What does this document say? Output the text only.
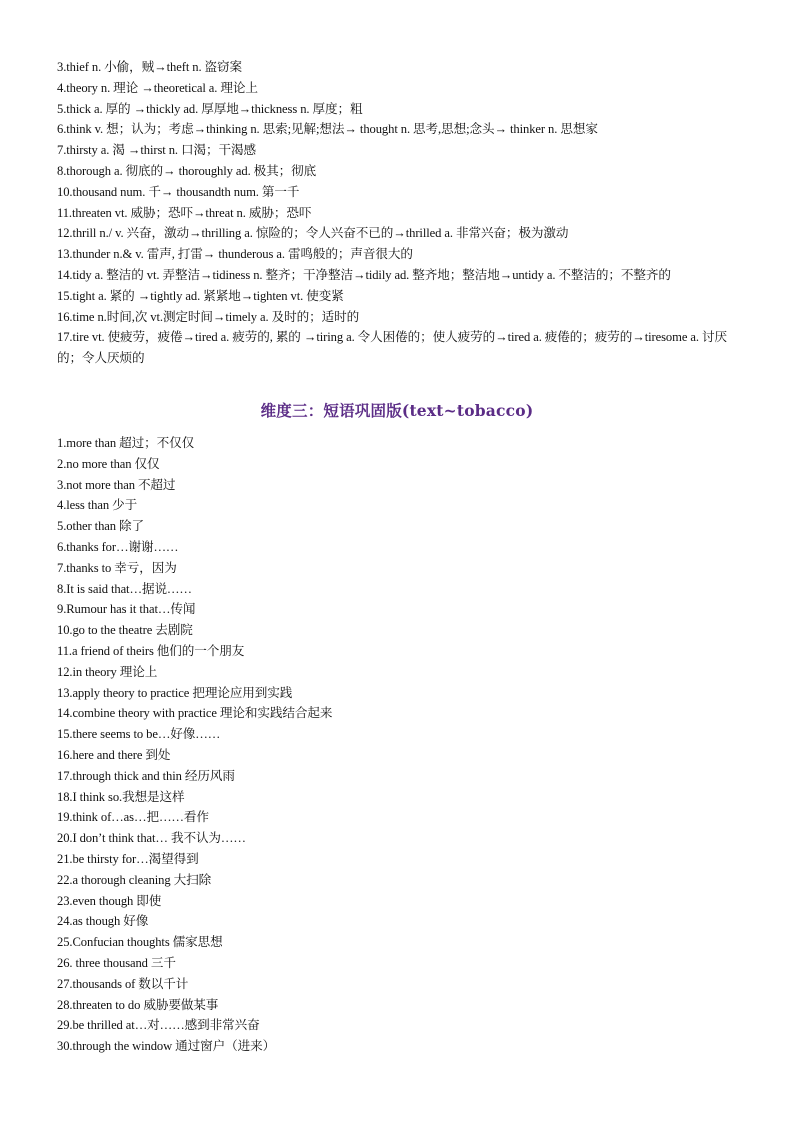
3.thief n. 小偷，贼→theft n. 盗窃案
4.theory n. 理论 →theoretical a. 理论上
5.thick a. 厚的 →thickly ad. 厚厚地→thickness n. 厚度；粗
6.think v. 想；认为；考虑→thinking n. 思索;见解;想法→ thought n. 思考,思想;念头→ thinker n. 思想家
7.thirsty a. 渴 →thirst n. 口渴；干渴感
8.thorough a. 彻底的→ thoroughly ad. 极其；彻底
10.thousand num. 千→ thousandth num. 第一千
11.threaten vt. 威胁；恐吓→threat n. 威胁；恐吓
12.thrill n./ v. 兴奋，激动→thrilling a. 惊险的；令人兴奋不已的→thrilled a. 非常兴奋；极为激动
13.thunder n.& v. 雷声, 打雷→ thunderous a. 雷鸣般的；声音很大的
14.tidy a. 整洁的 vt. 弄整洁→tidiness n. 整齐；干净整洁→tidily ad. 整齐地；整洁地→untidy a. 不整洁的；不整齐的
15.tight a. 紧的 →tightly ad. 紧紧地→tighten vt. 使变紧
16.time n.时间,次 vt.测定时间→timely a. 及时的；适时的
17.tire vt. 使疲劳，疲倦→tired a. 疲劳的, 累的 →tiring a. 令人困倦的；使人疲劳的→tired a. 疲倦的；疲劳的→tiresome a. 讨厌的；令人厌烦的
维度三：短语巩固版(text~tobacco)
1.more than 超过；不仅仅
2.no more than 仅仅
3.not more than 不超过
4.less than 少于
5.other than 除了
6.thanks for…谢谢……
7.thanks to 幸亏，因为
8.It is said that…据说……
9.Rumour has it that…传闻
10.go to the theatre 去剧院
11.a friend of theirs 他们的一个朋友
12.in theory 理论上
13.apply theory to practice 把理论应用到实践
14.combine theory with practice 理论和实践结合起来
15.there seems to be…好像……
16.here and there 到处
17.through thick and thin 经历风雨
18.I think so.我想是这样
19.think of…as…把……看作
20.I don’t think that… 我不认为……
21.be thirsty for…渴望得到
22.a thorough cleaning 大扫除
23.even though 即使
24.as though 好像
25.Confucian thoughts 儒家思想
26. three thousand 三千
27.thousands of 数以千计
28.threaten to do 威胁要做某事
29.be thrilled at…对……感到非常兴奋
30.through the window 通过窗户（进来）
